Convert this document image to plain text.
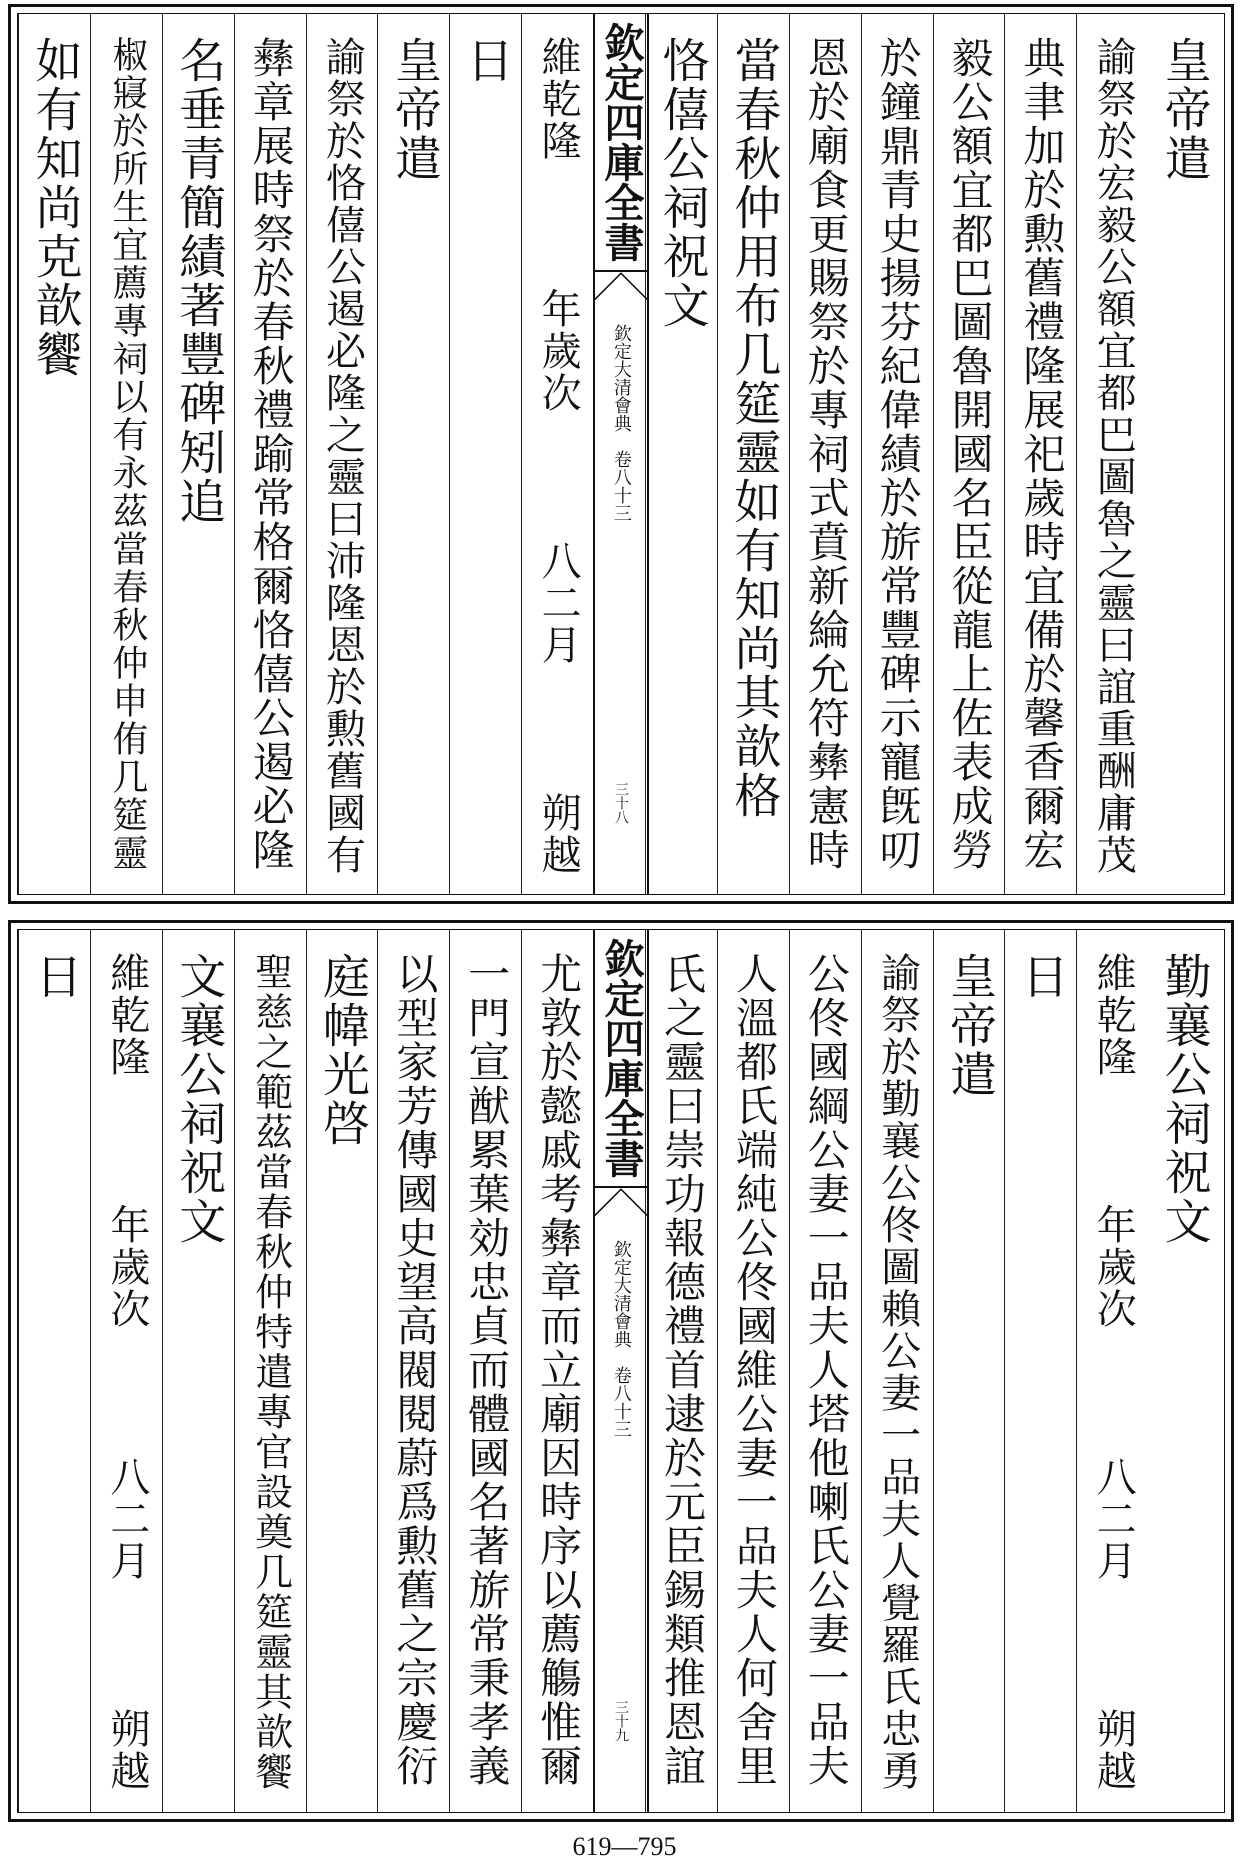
皇帝遣
諭祭於宏毅公額宜都巴圖魯之靈曰誼重酬庸茂
典聿加於勲舊禮隆展祀歲時宜備於馨香爾宏
毅公額宜都巴圖魯開國名臣從龍上佐表成勞
於鐘鼎青史揚芬紀偉績於旂常豐碑示寵旣叨
恩於廟食更賜祭於專祠式賁新綸允符彝憲時
當春秋仲用布几筵靈如有知尚其歆格
恪僖公祠祝文
欽定四庫全書
欽定大清會典　卷八十三
三十八
維乾隆　　　年歲次　　　八二月　　　朔越
日
皇帝遣
諭祭於恪僖公遏必隆之靈曰沛隆恩於勲舊國有
彝章展時祭於春秋禮踰常格爾恪僖公遏必隆
名垂青簡績著豐碑矧追
椒寢於所生宜薦專祠以有永茲當春秋仲申侑几筵靈
如有知尚克歆饗
勤襄公祠祝文
維乾隆　　　年歲次　　　八二月　　　朔越
日
皇帝遣
諭祭於勤襄公佟圖賴公妻一品夫人覺羅氏忠勇
公佟國綱公妻一品夫人塔他喇氏公妻一品夫
人溫都氏端純公佟國維公妻一品夫人何舍里
氏之靈曰崇功報德禮首逮於元臣錫類推恩誼
欽定四庫全書
欽定大清會典　卷八十三
三十九
尤敦於懿戚考彝章而立廟因時序以薦觴惟爾
一門宣猷累葉効忠貞而體國名著旂常秉孝義
以型家芳傳國史望高閥閱蔚爲勲舊之宗慶衍
庭幃光啓
聖慈之範茲當春秋仲特遣專官設奠几筵靈其歆饗
文襄公祠祝文
維乾隆　　　年歲次　　　八二月　　　朔越
日
619—795
